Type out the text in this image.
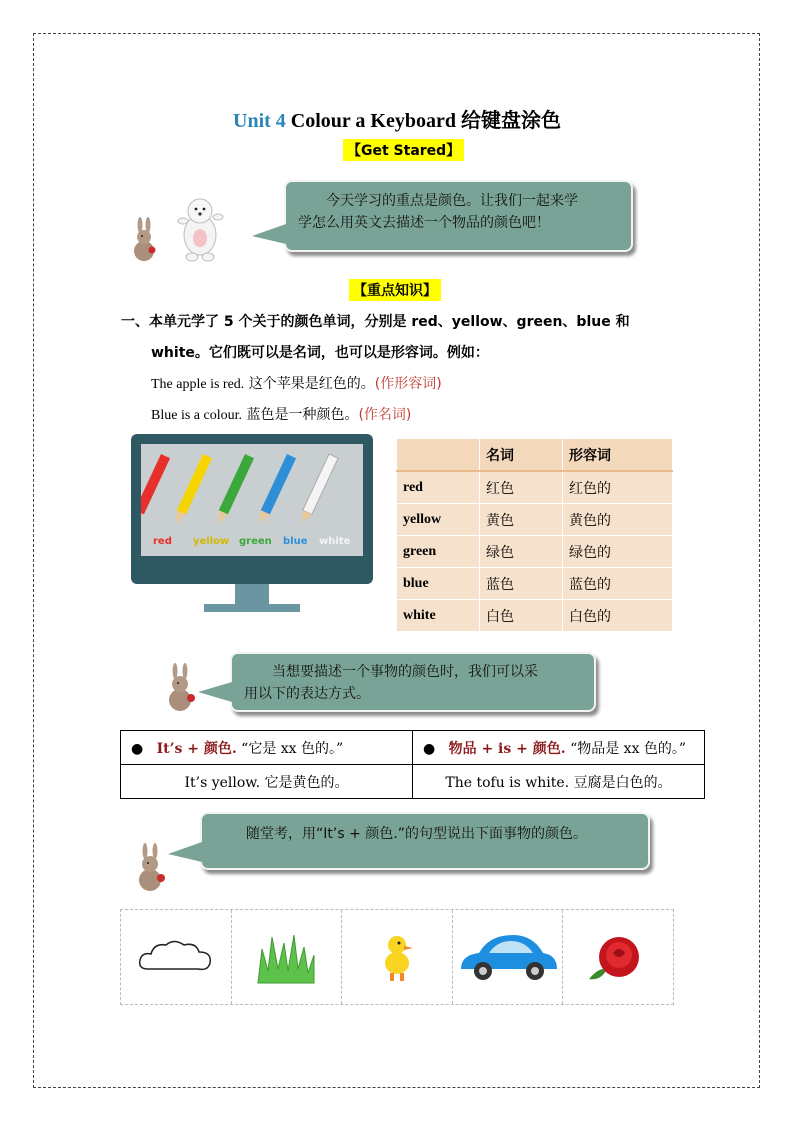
Unit 4 Colour a Keyboard 给键盘涂色
【Get Stared】
今天学习的重点是颜色。让我们一起来学
学怎么用英文去描述一个物品的颜色吧！
【重点知识】
一、本单元学了 5 个关于的颜色单词，分别是 red、yellow、green、blue 和
white。它们既可以是名词，也可以是形容词。例如：
The apple is red. 这个苹果是红色的。(作形容词)
Blue is a colour. 蓝色是一种颜色。(作名词)
red yellow green blue white
	名词	形容词
red	红色	红色的
yellow	黄色	黄色的
green	绿色	绿色的
blue	蓝色	蓝色的
white	白色	白色的
当想要描述一个事物的颜色时，我们可以采
用以下的表达方式。
● It’s + 颜色. “它是 xx 色的。”	● 物品 + is + 颜色. “物品是 xx 色的。”
It’s yellow. 它是黄色的。	The tofu is white. 豆腐是白色的。
随堂考，用“It’s + 颜色.”的句型说出下面事物的颜色。
